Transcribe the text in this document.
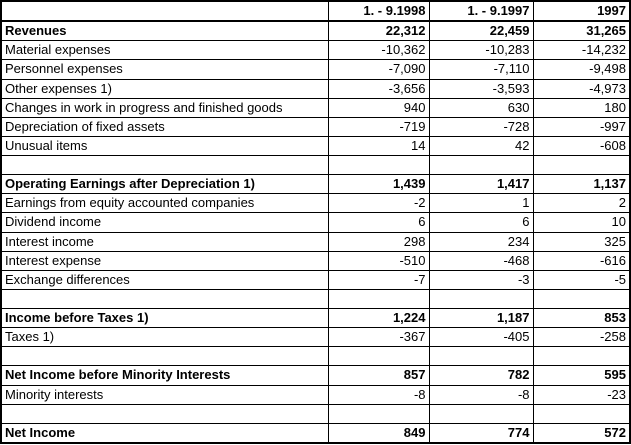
	1. - 9.1998	1. - 9.1997	1997
Revenues	22,312	22,459	31,265
Material expenses	-10,362	-10,283	-14,232
Personnel expenses	-7,090	-7,110	-9,498
Other expenses 1)	-3,656	-3,593	-4,973
Changes in work in progress and finished goods	940	630	180
Depreciation of fixed assets	-719	-728	-997
Unusual items	14	42	-608

Operating Earnings after Depreciation 1)	1,439	1,417	1,137
Earnings from equity accounted companies	-2	1	2
Dividend income	6	6	10
Interest income	298	234	325
Interest expense	-510	-468	-616
Exchange differences	-7	-3	-5

Income before Taxes 1)	1,224	1,187	853
Taxes 1)	-367	-405	-258

Net Income before Minority Interests	857	782	595
Minority interests	-8	-8	-23

Net Income	849	774	572
